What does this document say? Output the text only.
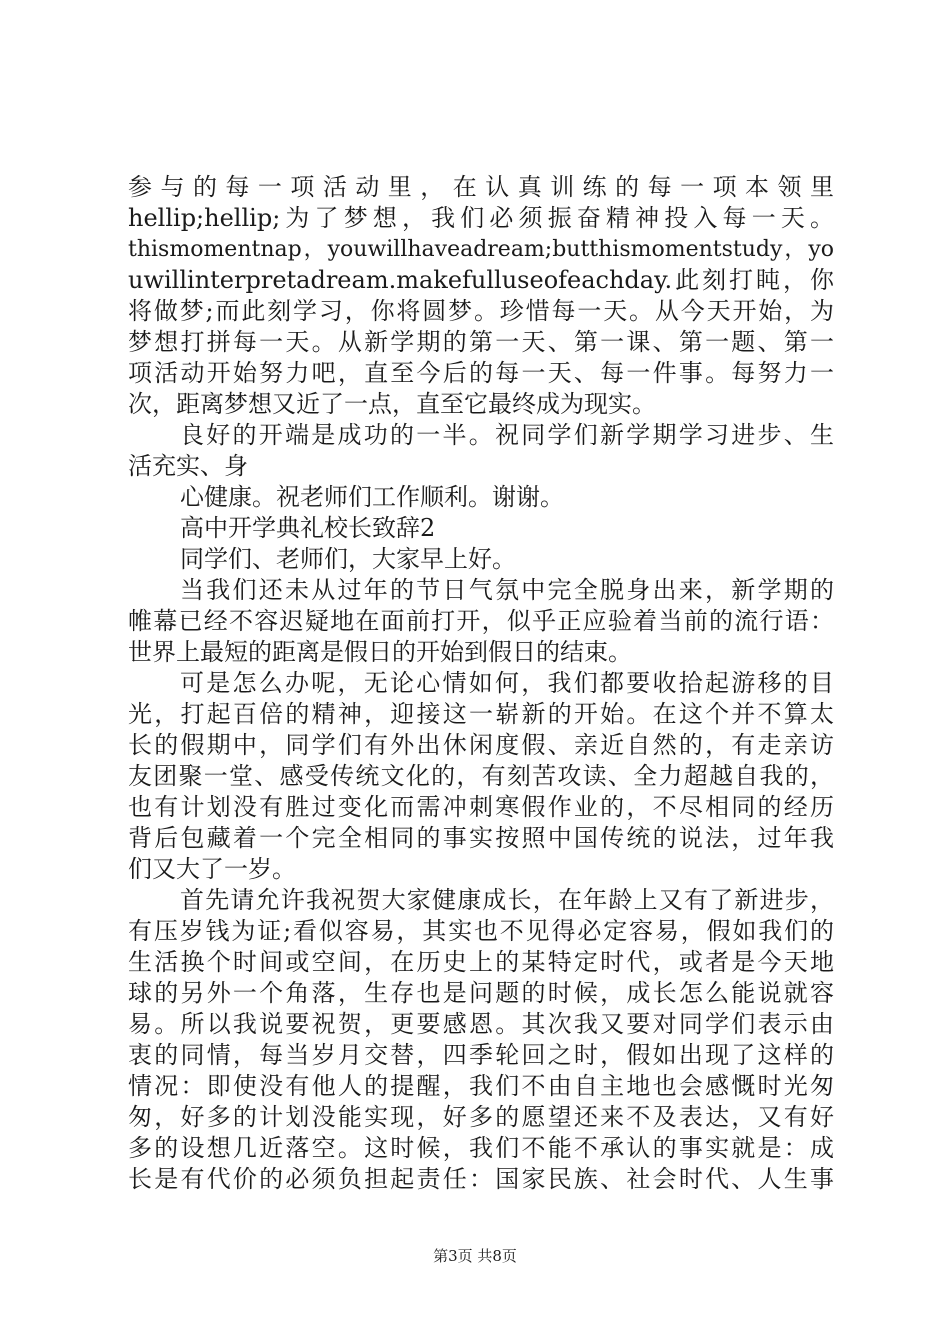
参与的每一项活动里，在认真训练的每一项本领里
hellip;hellip;为了梦想，我们必须振奋精神投入每一天。
thismomentnap，youwillhaveadream;butthismomentstudy，yo
uwillinterpretadream.makefulluseofeachday.此刻打盹，你
将做梦;而此刻学习，你将圆梦。珍惜每一天。从今天开始，为
梦想打拼每一天。从新学期的第一天、第一课、第一题、第一
项活动开始努力吧，直至今后的每一天、每一件事。每努力一
次，距离梦想又近了一点，直至它最终成为现实。
良好的开端是成功的一半。祝同学们新学期学习进步、生
活充实、身
心健康。祝老师们工作顺利。谢谢。
高中开学典礼校长致辞2
同学们、老师们，大家早上好。
当我们还未从过年的节日气氛中完全脱身出来，新学期的
帷幕已经不容迟疑地在面前打开，似乎正应验着当前的流行语：
世界上最短的距离是假日的开始到假日的结束。
可是怎么办呢，无论心情如何，我们都要收拾起游移的目
光，打起百倍的精神，迎接这一崭新的开始。在这个并不算太
长的假期中，同学们有外出休闲度假、亲近自然的，有走亲访
友团聚一堂、感受传统文化的，有刻苦攻读、全力超越自我的，
也有计划没有胜过变化而需冲刺寒假作业的，不尽相同的经历
背后包藏着一个完全相同的事实按照中国传统的说法，过年我
们又大了一岁。
首先请允许我祝贺大家健康成长，在年龄上又有了新进步，
有压岁钱为证;看似容易，其实也不见得必定容易，假如我们的
生活换个时间或空间，在历史上的某特定时代，或者是今天地
球的另外一个角落，生存也是问题的时候，成长怎么能说就容
易。所以我说要祝贺，更要感恩。其次我又要对同学们表示由
衷的同情，每当岁月交替，四季轮回之时，假如出现了这样的
情况：即使没有他人的提醒，我们不由自主地也会感慨时光匆
匆，好多的计划没能实现，好多的愿望还来不及表达，又有好
多的设想几近落空。这时候，我们不能不承认的事实就是：成
长是有代价的必须负担起责任：国家民族、社会时代、人生事
第3页 共8页
